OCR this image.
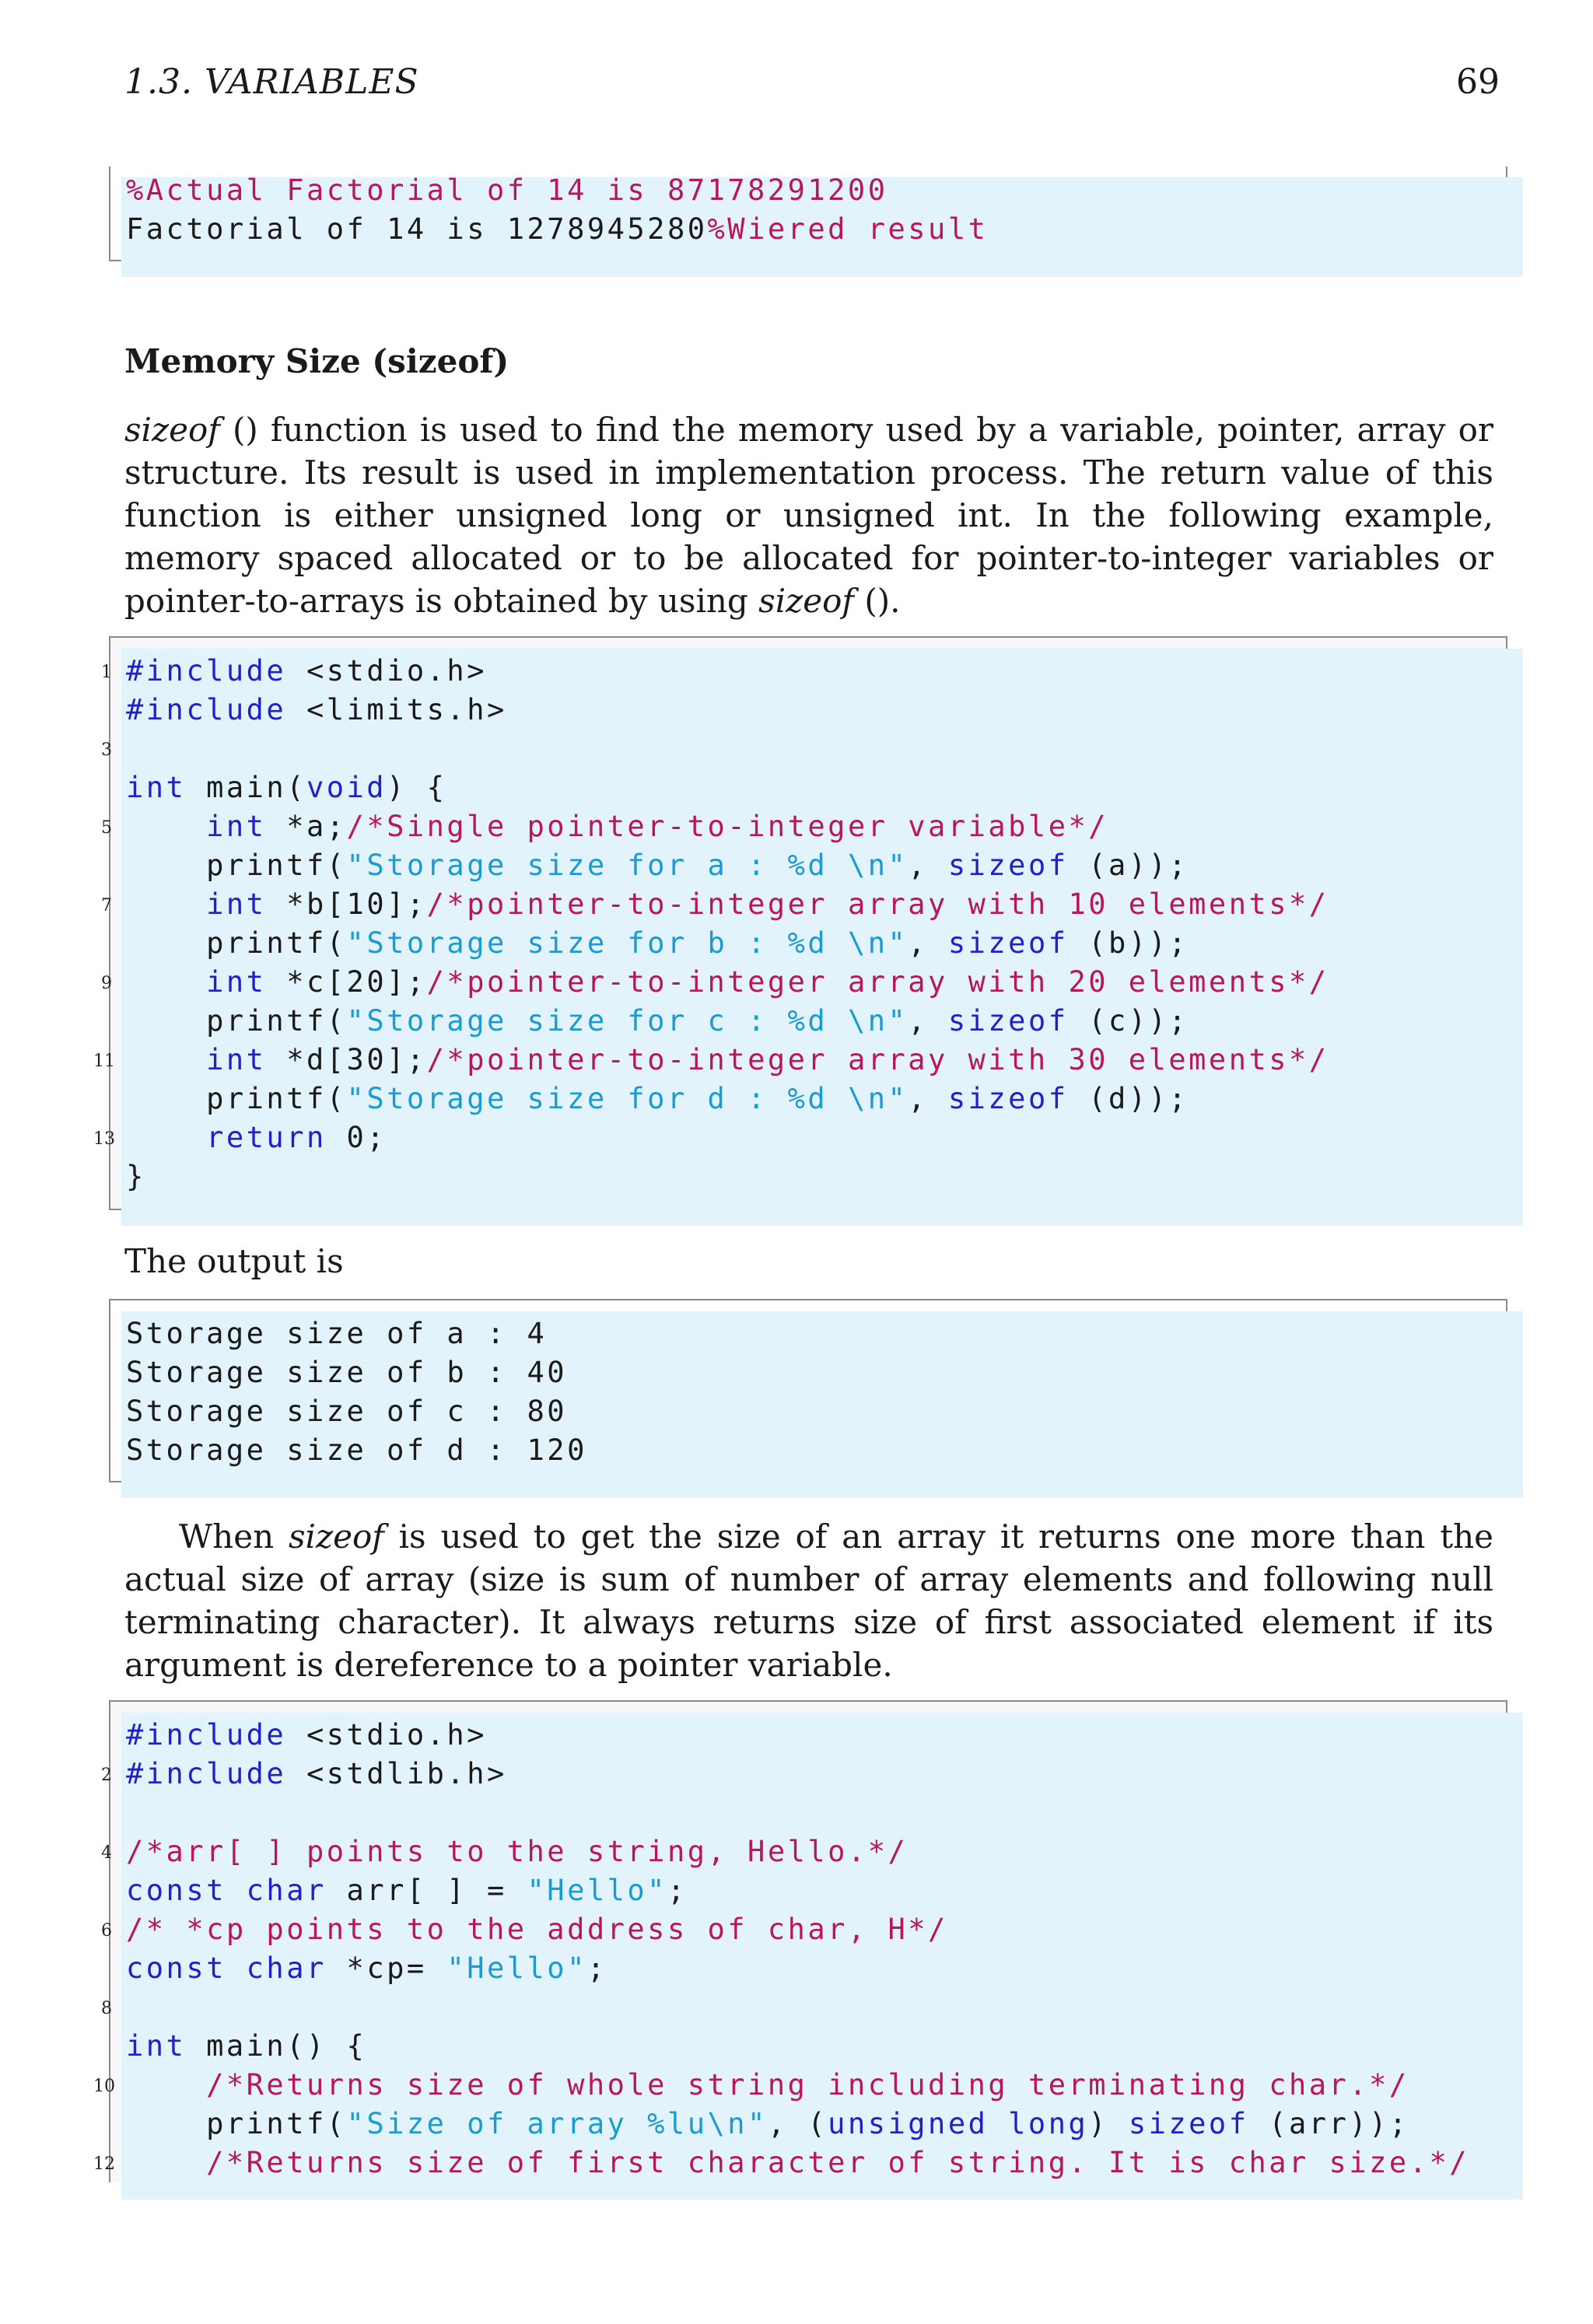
1.3. VARIABLES	69
%Actual Factorial of 14 is 87178291200
Factorial of 14 is 1278945280%Wiered result
Memory Size (sizeof)
sizeof () function is used to find the memory used by a variable, pointer, array or structure. Its result is used in implementation process. The return value of this function is either unsigned long or unsigned int. In the following example, memory spaced allocated or to be allocated for pointer-to-integer variables or pointer-to-arrays is obtained by using sizeof ().
1 #include <stdio.h>
#include <limits.h>
3
int main(void) {
5	int *a;/*Single pointer-to-integer variable*/
printf("Storage size for a : %d \n", sizeof (a));
7	int *b[10];/*pointer-to-integer array with 10 elements*/
printf("Storage size for b : %d \n", sizeof (b));
9	int *c[20];/*pointer-to-integer array with 20 elements*/
printf("Storage size for c : %d \n", sizeof (c));
11	int *d[30];/*pointer-to-integer array with 30 elements*/
printf("Storage size for d : %d \n", sizeof (d));
13	return 0;
}
The output is
Storage size of a : 4
Storage size of b : 40
Storage size of c : 80
Storage size of d : 120
When sizeof is used to get the size of an array it returns one more than the actual size of array (size is sum of number of array elements and following null terminating character). It always returns size of first associated element if its argument is dereference to a pointer variable.
#include <stdio.h>
2 #include <stdlib.h>
4 /*arr[ ] points to the string, Hello.*/
const char arr[ ] = "Hello";
6 /* *cp points to the address of char, H*/
const char *cp= "Hello";
8
int main() {
10	/*Returns size of whole string including terminating char.*/
printf("Size of array %lu\n", (unsigned long) sizeof (arr));
12	/*Returns size of first character of string. It is char size.*/
